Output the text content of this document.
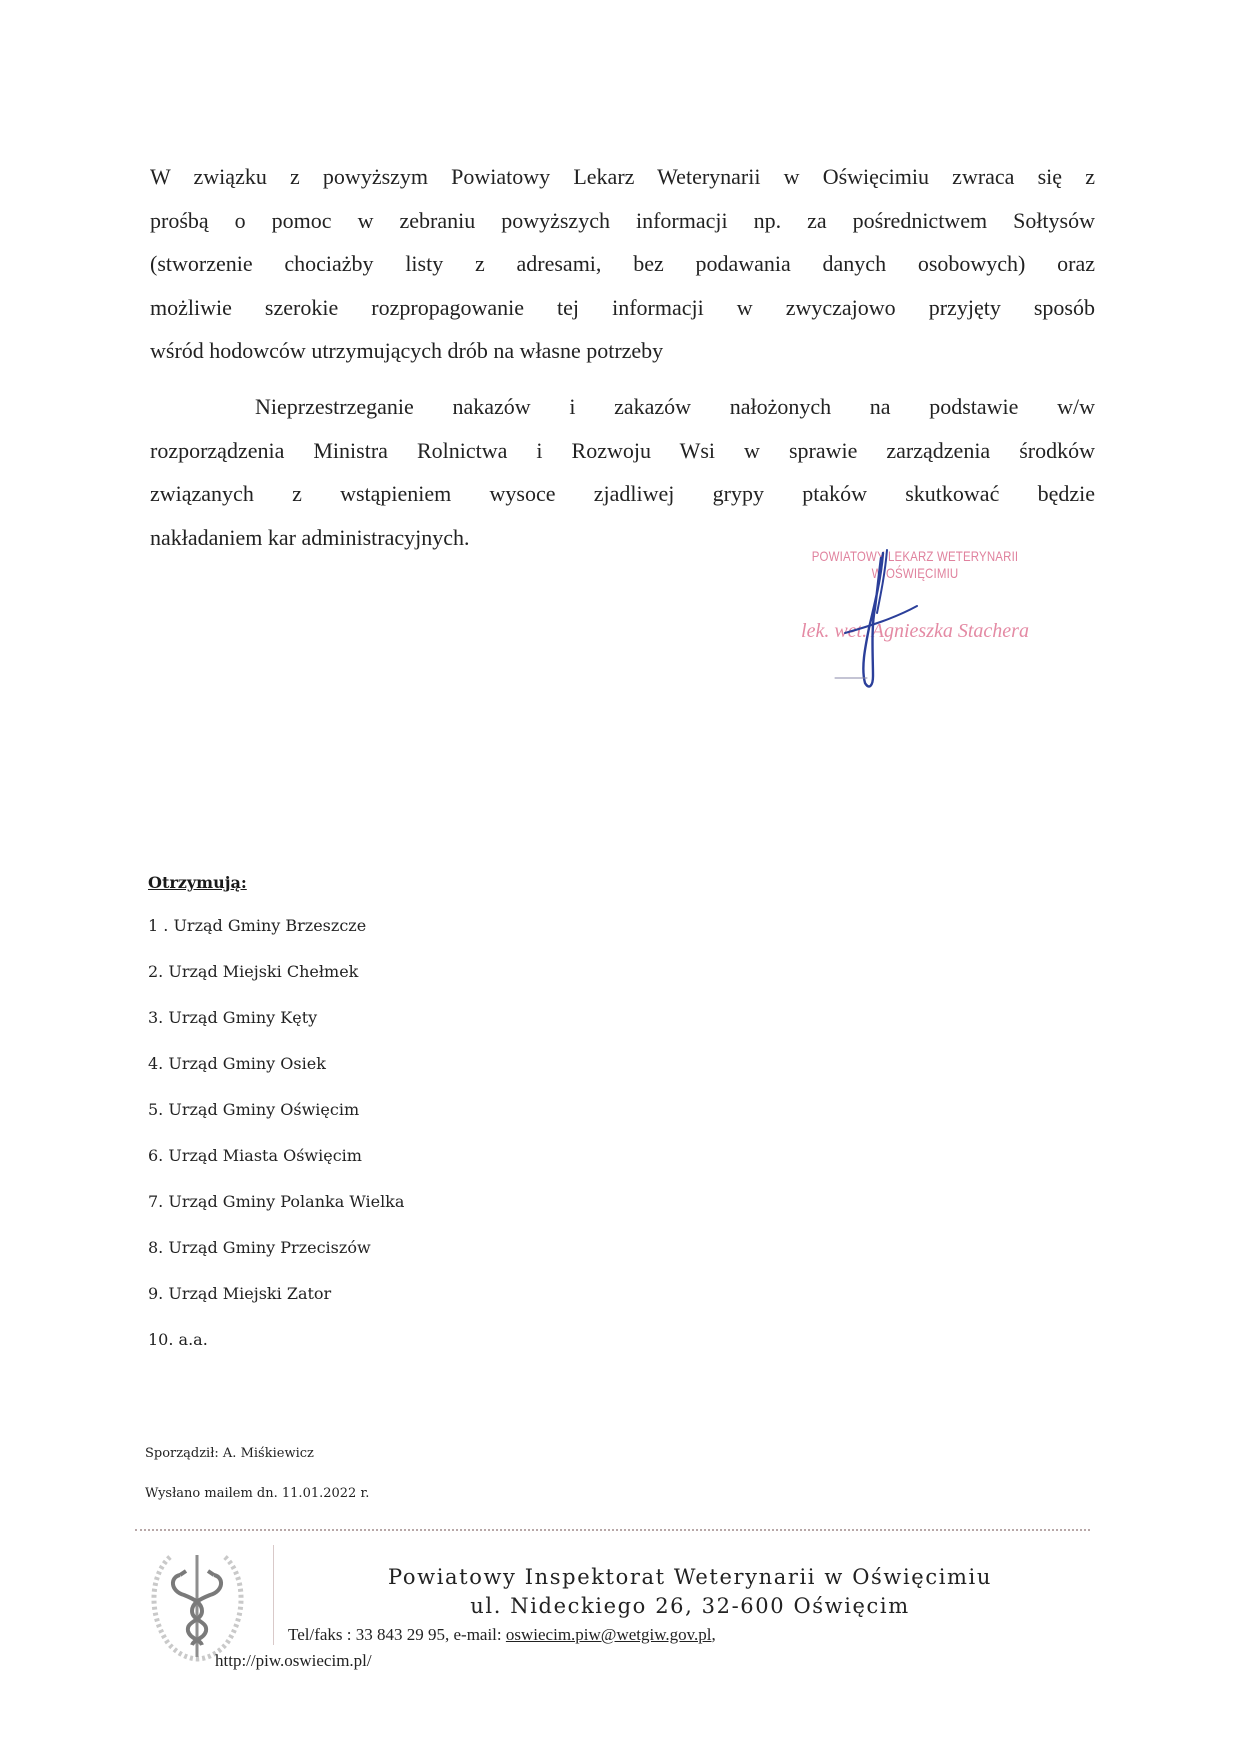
W związku z powyższym Powiatowy Lekarz Weterynarii w Oświęcimiu zwraca się z
prośbą o pomoc w zebraniu powyższych informacji np. za pośrednictwem Sołtysów
(stworzenie chociażby listy z adresami, bez podawania danych osobowych) oraz
możliwie szerokie rozpropagowanie tej informacji w zwyczajowo przyjęty sposób
wśród hodowców utrzymujących drób na własne potrzeby
Nieprzestrzeganie nakazów i zakazów nałożonych na podstawie w/w
rozporządzenia Ministra Rolnictwa i Rozwoju Wsi w sprawie zarządzenia środków
związanych z wstąpieniem wysoce zjadliwej grypy ptaków skutkować będzie
nakładaniem kar administracyjnych.
POWIATOWY LEKARZ WETERYNARII
W OŚWIĘCIMIU
lek. wet. Agnieszka Stachera
Otrzymują:
1 . Urząd Gminy Brzeszcze
2. Urząd Miejski Chełmek
3. Urząd Gminy Kęty
4. Urząd Gminy Osiek
5. Urząd Gminy Oświęcim
6. Urząd Miasta Oświęcim
7. Urząd Gminy Polanka Wielka
8. Urząd Gminy Przeciszów
9. Urząd Miejski Zator
10. a.a.
Sporządził: A. Miśkiewicz
Wysłano mailem dn. 11.01.2022 r.
Powiatowy Inspektorat Weterynarii w Oświęcimiu
ul. Nideckiego 26, 32-600 Oświęcim
Tel/faks : 33 843 29 95, e-mail: oswiecim.piw@wetgiw.gov.pl,
http://piw.oswiecim.pl/
